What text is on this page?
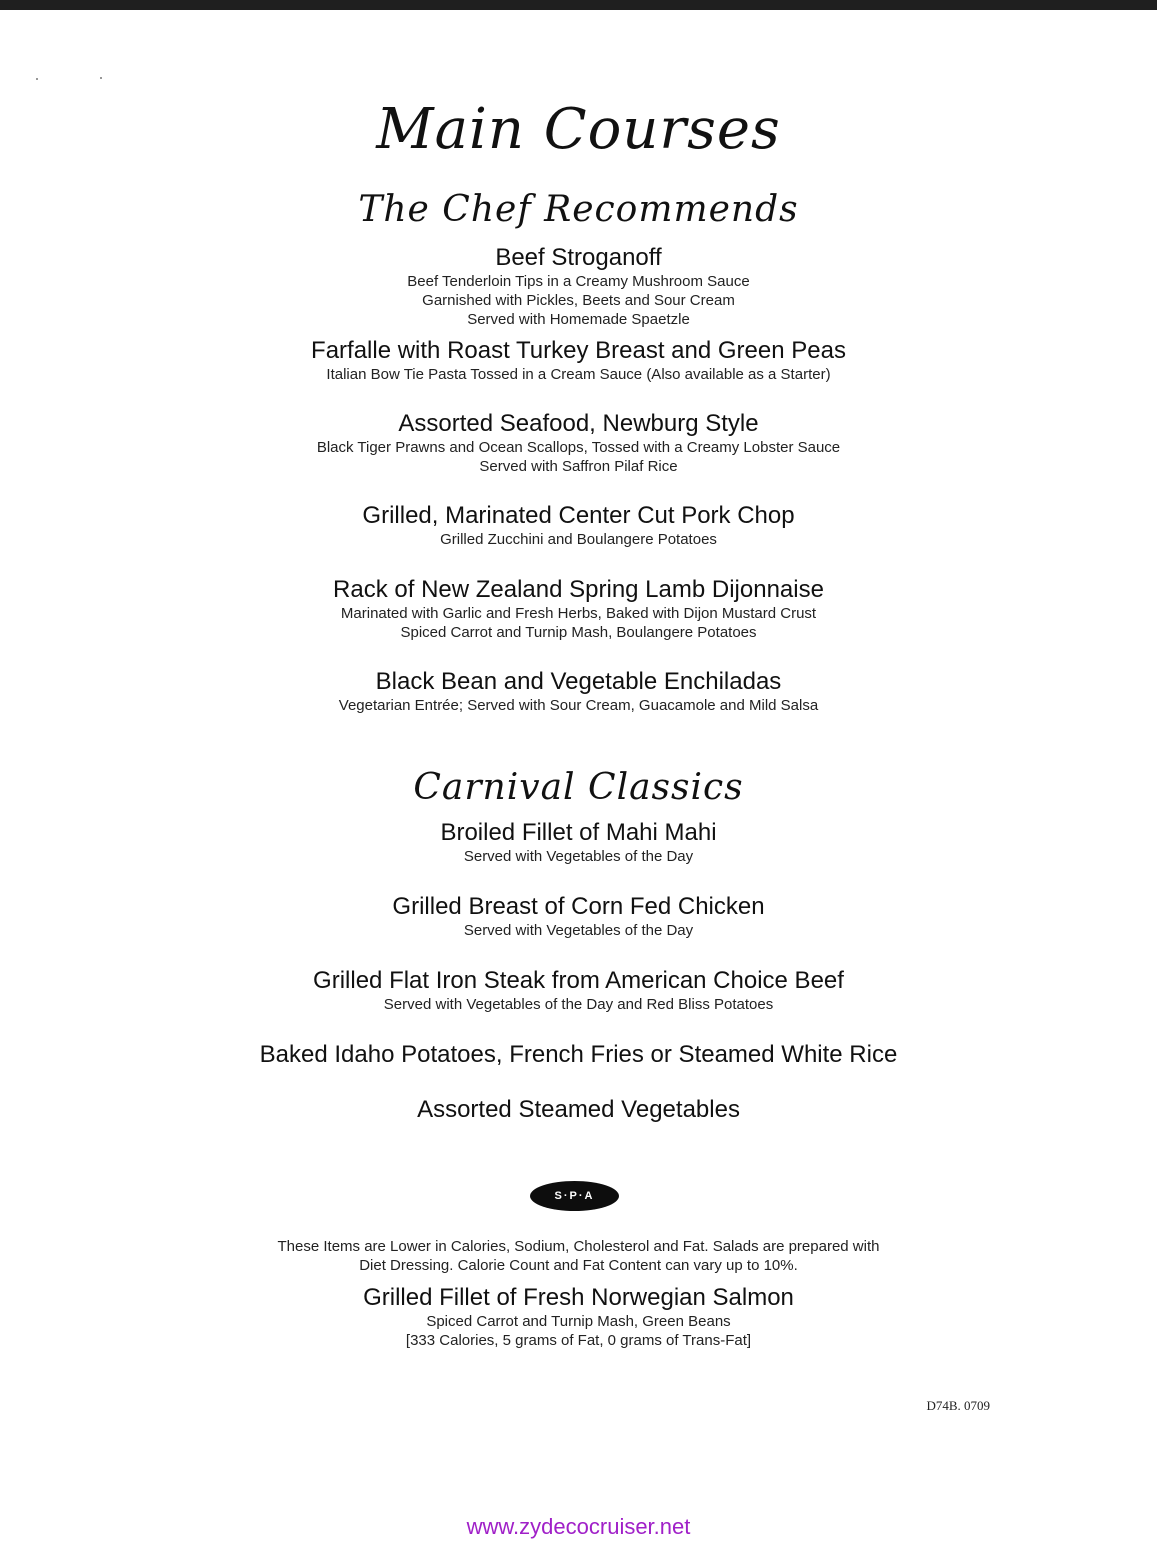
Main Courses
The Chef Recommends
Beef Stroganoff
Beef Tenderloin Tips in a Creamy Mushroom Sauce
Garnished with Pickles, Beets and Sour Cream
Served with Homemade Spaetzle
Farfalle with Roast Turkey Breast and Green Peas
Italian Bow Tie Pasta Tossed in a Cream Sauce (Also available as a Starter)
Assorted Seafood, Newburg Style
Black Tiger Prawns and Ocean Scallops, Tossed with a Creamy Lobster Sauce
Served with Saffron Pilaf Rice
Grilled, Marinated Center Cut Pork Chop
Grilled Zucchini and Boulangere Potatoes
Rack of New Zealand Spring Lamb Dijonnaise
Marinated with Garlic and Fresh Herbs, Baked with Dijon Mustard Crust
Spiced Carrot and Turnip Mash, Boulangere Potatoes
Black Bean and Vegetable Enchiladas
Vegetarian Entrée; Served with Sour Cream, Guacamole and Mild Salsa
Carnival Classics
Broiled Fillet of Mahi Mahi
Served with Vegetables of the Day
Grilled Breast of Corn Fed Chicken
Served with Vegetables of the Day
Grilled Flat Iron Steak from American Choice Beef
Served with Vegetables of the Day and Red Bliss Potatoes
Baked Idaho Potatoes, French Fries or Steamed White Rice
Assorted Steamed Vegetables
S·P·A
These Items are Lower in Calories, Sodium, Cholesterol and Fat. Salads are prepared with
Diet Dressing. Calorie Count and Fat Content can vary up to 10%.
Grilled Fillet of Fresh Norwegian Salmon
Spiced Carrot and Turnip Mash, Green Beans
[333 Calories, 5 grams of Fat, 0 grams of Trans-Fat]
D74B. 0709
www.zydecocruiser.net
